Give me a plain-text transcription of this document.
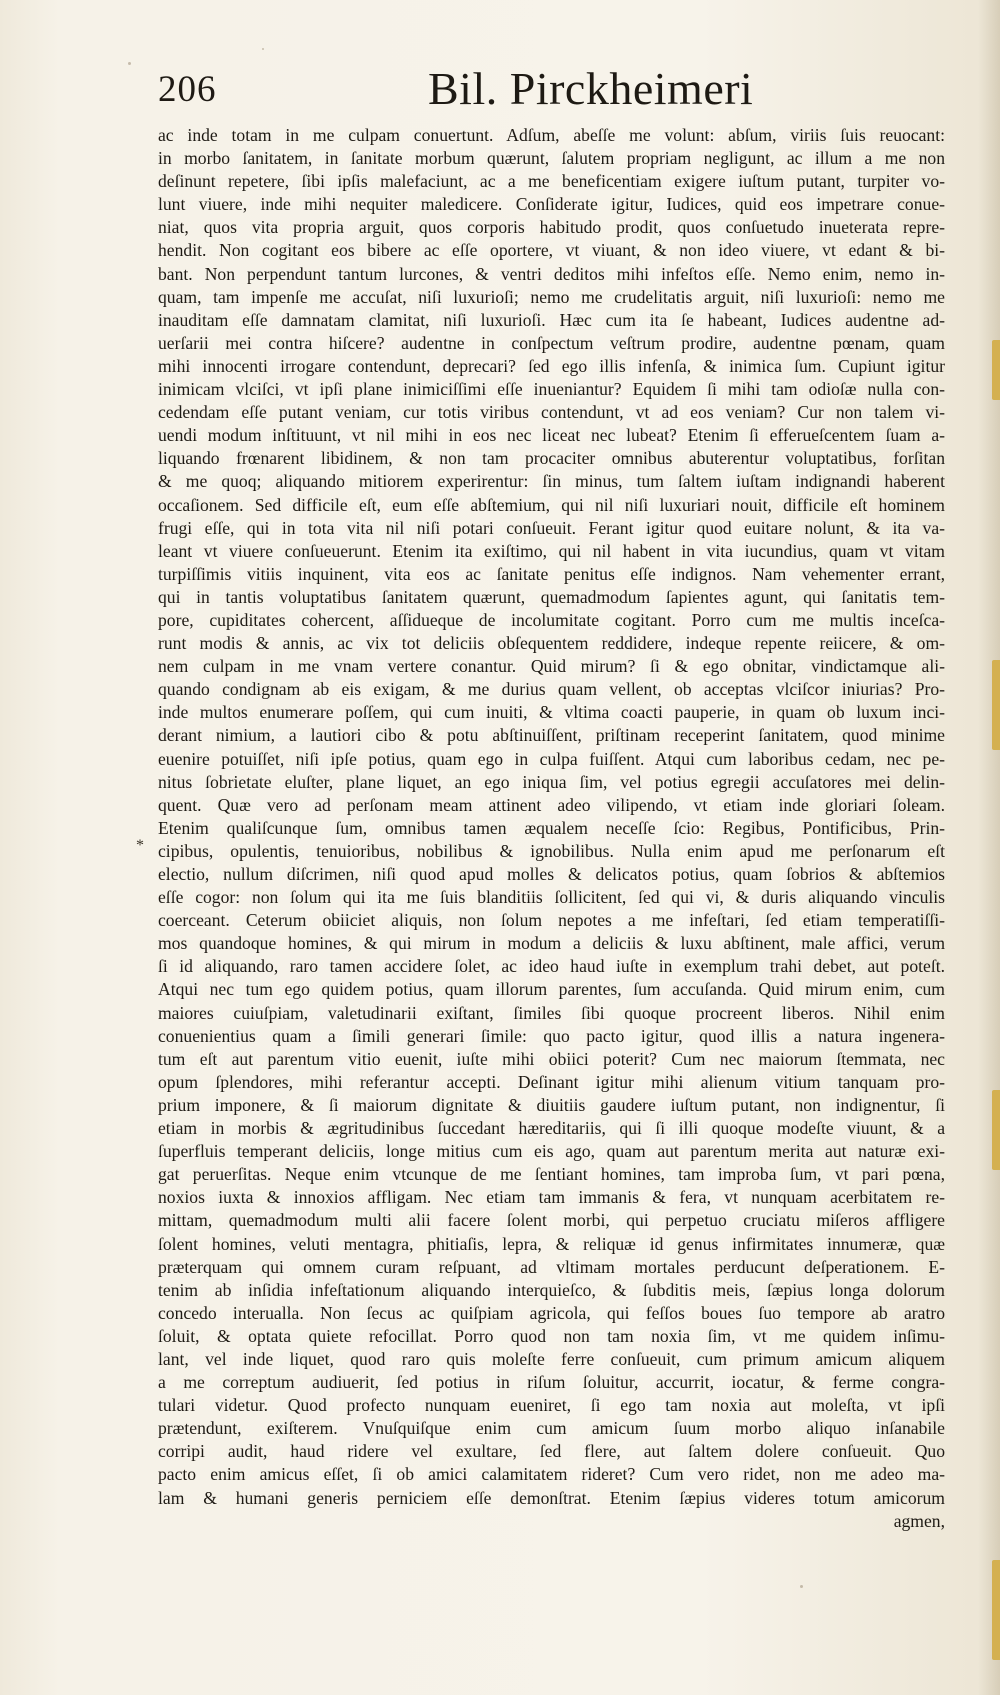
206	Bil. Pirckheimeri
*
ac inde totam in me culpam conuertunt. Adſum, abeſſe me volunt: abſum, viriis ſuis reuocant:
in morbo ſanitatem, in ſanitate morbum quærunt, ſalutem propriam negligunt, ac illum a me non
deſinunt repetere, ſibi ipſis malefaciunt, ac a me beneficentiam exigere iuſtum putant, turpiter vo-
lunt viuere, inde mihi nequiter maledicere. Conſiderate igitur, Iudices, quid eos impetrare conue-
niat, quos vita propria arguit, quos corporis habitudo prodit, quos conſuetudo inueterata repre-
hendit. Non cogitant eos bibere ac eſſe oportere, vt viuant, & non ideo viuere, vt edant & bi-
bant. Non perpendunt tantum lurcones, & ventri deditos mihi infeſtos eſſe. Nemo enim, nemo in-
quam, tam impenſe me accuſat, niſi luxurioſi; nemo me crudelitatis arguit, niſi luxurioſi: nemo me
inauditam eſſe damnatam clamitat, niſi luxurioſi. Hæc cum ita ſe habeant, Iudices audentne ad-
uerſarii mei contra hiſcere? audentne in conſpectum veſtrum prodire, audentne pœnam, quam
mihi innocenti irrogare contendunt, deprecari? ſed ego illis infenſa, & inimica ſum. Cupiunt igitur
inimicam vlciſci, vt ipſi plane inimiciſſimi eſſe inueniantur? Equidem ſi mihi tam odioſæ nulla con-
cedendam eſſe putant veniam, cur totis viribus contendunt, vt ad eos veniam? Cur non talem vi-
uendi modum inſtituunt, vt nil mihi in eos nec liceat nec lubeat? Etenim ſi efferueſcentem ſuam a-
liquando frœnarent libidinem, & non tam procaciter omnibus abuterentur voluptatibus, forſitan
& me quoq; aliquando mitiorem experirentur: ſin minus, tum ſaltem iuſtam indignandi haberent
occaſionem. Sed difficile eſt, eum eſſe abſtemium, qui nil niſi luxuriari nouit, difficile eſt hominem
frugi eſſe, qui in tota vita nil niſi potari conſueuit. Ferant igitur quod euitare nolunt, & ita va-
leant vt viuere conſueuerunt. Etenim ita exiſtimo, qui nil habent in vita iucundius, quam vt vitam
turpiſſimis vitiis inquinent, vita eos ac ſanitate penitus eſſe indignos. Nam vehementer errant,
qui in tantis voluptatibus ſanitatem quærunt, quemadmodum ſapientes agunt, qui ſanitatis tem-
pore, cupiditates cohercent, aſſidueque de incolumitate cogitant. Porro cum me multis inceſca-
runt modis & annis, ac vix tot deliciis obſequentem reddidere, indeque repente reiicere, & om-
nem culpam in me vnam vertere conantur. Quid mirum? ſi & ego obnitar, vindictamque ali-
quando condignam ab eis exigam, & me durius quam vellent, ob acceptas vlciſcor iniurias? Pro-
inde multos enumerare poſſem, qui cum inuiti, & vltima coacti pauperie, in quam ob luxum inci-
derant nimium, a lautiori cibo & potu abſtinuiſſent, priſtinam receperint ſanitatem, quod minime
euenire potuiſſet, niſi ipſe potius, quam ego in culpa fuiſſent. Atqui cum laboribus cedam, nec pe-
nitus ſobrietate eluſter, plane liquet, an ego iniqua ſim, vel potius egregii accuſatores mei delin-
quent. Quæ vero ad perſonam meam attinent adeo vilipendo, vt etiam inde gloriari ſoleam.
Etenim qualiſcunque ſum, omnibus tamen æqualem neceſſe ſcio: Regibus, Pontificibus, Prin-
cipibus, opulentis, tenuioribus, nobilibus & ignobilibus. Nulla enim apud me perſonarum eſt
electio, nullum diſcrimen, niſi quod apud molles & delicatos potius, quam ſobrios & abſtemios
eſſe cogor: non ſolum qui ita me ſuis blanditiis ſollicitent, ſed qui vi, & duris aliquando vinculis
coerceant. Ceterum obiiciet aliquis, non ſolum nepotes a me infeſtari, ſed etiam temperatiſſi-
mos quandoque homines, & qui mirum in modum a deliciis & luxu abſtinent, male affici, verum
ſi id aliquando, raro tamen accidere ſolet, ac ideo haud iuſte in exemplum trahi debet, aut poteſt.
Atqui nec tum ego quidem potius, quam illorum parentes, ſum accuſanda. Quid mirum enim, cum
maiores cuiuſpiam, valetudinarii exiſtant, ſimiles ſibi quoque procreent liberos. Nihil enim
conuenientius quam a ſimili generari ſimile: quo pacto igitur, quod illis a natura ingenera-
tum eſt aut parentum vitio euenit, iuſte mihi obiici poterit? Cum nec maiorum ſtemmata, nec
opum ſplendores, mihi referantur accepti. Deſinant igitur mihi alienum vitium tanquam pro-
prium imponere, & ſi maiorum dignitate & diuitiis gaudere iuſtum putant, non indignentur, ſi
etiam in morbis & ægritudinibus ſuccedant hæreditariis, qui ſi illi quoque modeſte viuunt, & a
ſuperfluis temperant deliciis, longe mitius cum eis ago, quam aut parentum merita aut naturæ exi-
gat peruerſitas. Neque enim vtcunque de me ſentiant homines, tam improba ſum, vt pari pœna,
noxios iuxta & innoxios affligam. Nec etiam tam immanis & fera, vt nunquam acerbitatem re-
mittam, quemadmodum multi alii facere ſolent morbi, qui perpetuo cruciatu miſeros affligere
ſolent homines, veluti mentagra, phitiaſis, lepra, & reliquæ id genus infirmitates innumeræ, quæ
præterquam qui omnem curam reſpuant, ad vltimam mortales perducunt deſperationem. E-
tenim ab inſidia infeſtationum aliquando interquieſco, & ſubditis meis, ſæpius longa dolorum
concedo interualla. Non ſecus ac quiſpiam agricola, qui feſſos boues ſuo tempore ab aratro
ſoluit, & optata quiete refocillat. Porro quod non tam noxia ſim, vt me quidem inſimu-
lant, vel inde liquet, quod raro quis moleſte ferre conſueuit, cum primum amicum aliquem
a me correptum audiuerit, ſed potius in riſum ſoluitur, accurrit, iocatur, & ferme congra-
tulari videtur. Quod profecto nunquam eueniret, ſi ego tam noxia aut moleſta, vt ipſi
prætendunt, exiſterem. Vnuſquiſque enim cum amicum ſuum morbo aliquo inſanabile
corripi audit, haud ridere vel exultare, ſed flere, aut ſaltem dolere conſueuit. Quo
pacto enim amicus eſſet, ſi ob amici calamitatem rideret? Cum vero ridet, non me adeo ma-
lam & humani generis perniciem eſſe demonſtrat. Etenim ſæpius videres totum amicorum
agmen,
